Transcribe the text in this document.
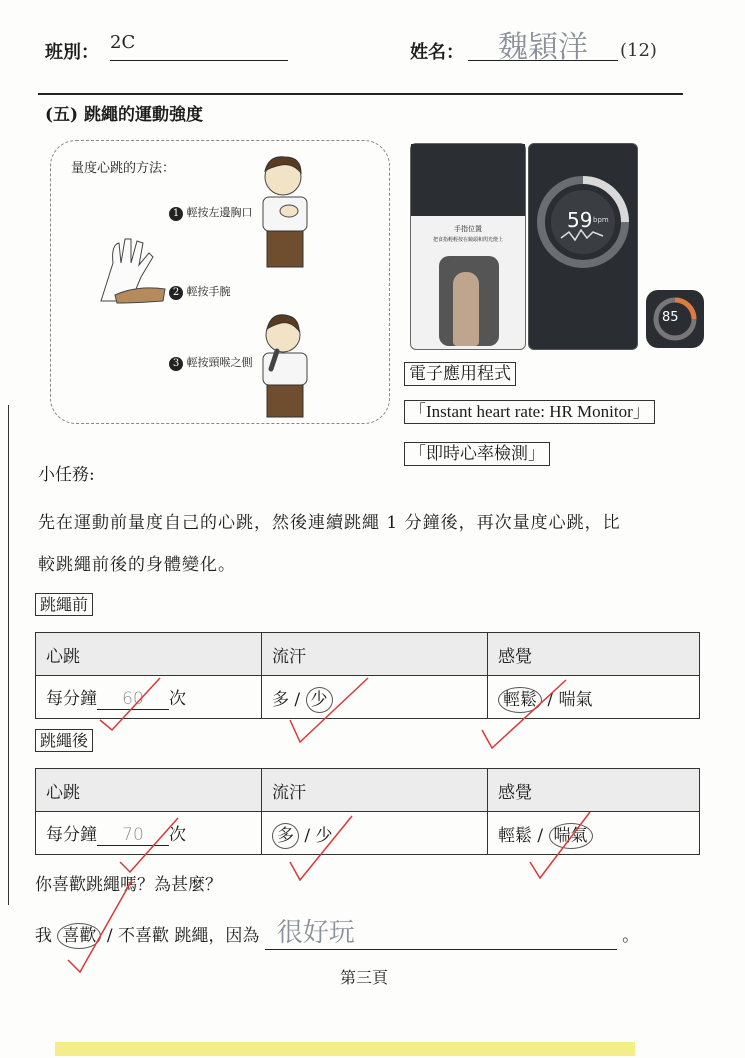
班別： 2C	姓名：	魏穎洋	(12)
(五) 跳繩的運動強度
量度心跳的方法：
1 輕按左邊胸口
2 輕按手腕
3 輕按頸喉之側
手指位置
把食指輕輕按在鏡頭和閃光燈上
59 bpm
85
電子應用程式
「Instant heart rate: HR Monitor」
「即時心率檢測」
小任務:
先在運動前量度自己的心跳，然後連續跳繩 1 分鐘後，再次量度心跳，比
較跳繩前後的身體變化。
跳繩前
心跳	流汗	感覺
每分鐘 60 次	多 / 少	輕鬆 / 喘氣
跳繩後
心跳	流汗	感覺
每分鐘 70 次	多 / 少	輕鬆 / 喘氣
你喜歡跳繩嗎？為甚麼？
我 喜歡 / 不喜歡 跳繩，因為 很好玩	。
第三頁
